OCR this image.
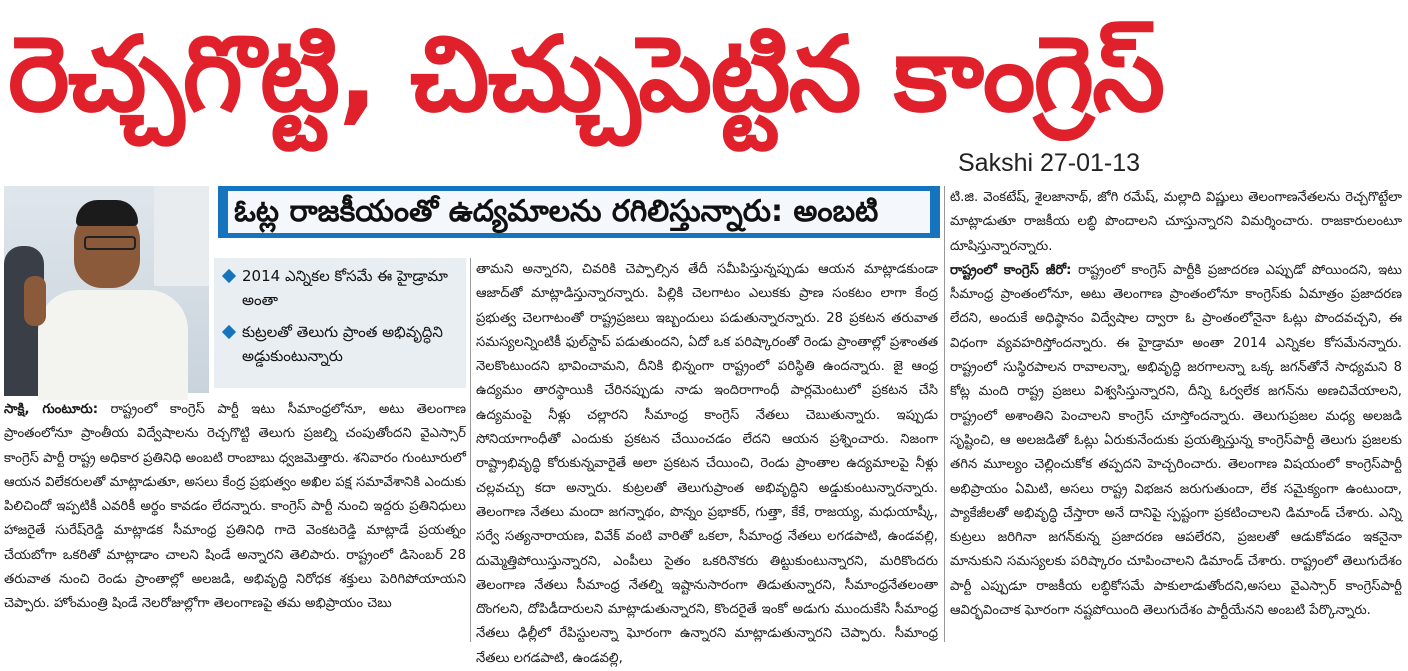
రెచ్చగొట్టి, చిచ్చుపెట్టిన కాంగ్రెస్
Sakshi 27-01-13
ఓట్ల రాజకీయంతో ఉద్యమాలను రగిలిస్తున్నారు: అంబటి
2014 ఎన్నికల కోసమే ఈ హైడ్రామా అంతా
కుట్రలతో తెలుగు ప్రాంత అభివృద్ధిని అడ్డుకుంటున్నారు

సాక్షి, గుంటూరు: రాష్ట్రంలో కాంగ్రెస్ పార్టీ ఇటు సీమాంధ్రలోనూ, అటు తెలంగాణ ప్రాంతంలోనూ ప్రాంతీయ విద్వేషాలను రెచ్చగొట్టి తెలుగు ప్రజల్ని చంపుతోందని వైఎస్సార్ కాంగ్రెస్ పార్టీ రాష్ట్ర అధికార ప్రతినిధి అంబటి రాంబాబు ధ్వజమెత్తారు. శనివారం గుంటూరులో ఆయన విలేకరులతో మాట్లాడుతూ, అసలు కేంద్ర ప్రభుత్వం అఖిల పక్ష సమావేశానికి ఎందుకు పిలిచిందో ఇప్పటికీ ఎవరికీ అర్థం కావడం లేదన్నారు. కాంగ్రెస్ పార్టీ నుంచి ఇద్దరు ప్రతినిధులు హాజరైతే సురేష్‌రెడ్డి మాట్లాడక సీమాంధ్ర ప్రతినిధి గాదె వెంకటరెడ్డి మాట్లాడే ప్రయత్నం చేయబోగా ఒకరితో మాట్లాడాం చాలని షిండే అన్నారని తెలిపారు. రాష్ట్రంలో డిసెంబర్ 28 తరువాత నుంచి రెండు ప్రాంతాల్లో అలజడి, అభివృద్ధి నిరోధక శక్తులు పెరిగిపోయాయని చెప్పారు. హోంమంత్రి షిండే నెలరోజుల్లోగా తెలంగాణపై తమ అభిప్రాయం చెబు

తామని అన్నారని, చివరికి చెప్పాల్సిన తేదీ సమీపిస్తున్నప్పుడు ఆయన మాట్లాడకుండా ఆజాద్‌తో మాట్లాడిస్తున్నారన్నారు. పిల్లికి చెలగాటం ఎలుకకు ప్రాణ సంకటం లాగా కేంద్ర ప్రభుత్వ చెలగాటంతో రాష్ట్రప్రజలు ఇబ్బందులు పడుతున్నారన్నారు. 28 ప్రకటన తరువాత సమస్యలన్నింటికీ ఫుల్‌స్టాప్ పడుతుందని, ఏదో ఒక పరిష్కారంతో రెండు ప్రాంతాల్లో ప్రశాంతత నెలకొంటుందని భావించామని, దీనికి భిన్నంగా రాష్ట్రంలో పరిస్థితి ఉందన్నారు. జై ఆంధ్ర ఉద్యమం తారస్థాయికి చేరినప్పుడు నాడు ఇందిరాగాంధీ పార్లమెంటులో ప్రకటన చేసి ఉద్యమంపై నీళ్లు చల్లారని సీమాంధ్ర కాంగ్రెస్ నేతలు చెబుతున్నారు. ఇప్పుడు సోనియాగాంధీతో ఎందుకు ప్రకటన చేయించడం లేదని ఆయన ప్రశ్నించారు. నిజంగా రాష్ట్రాభివృద్ధి కోరుకున్నవారైతే అలా ప్రకటన చేయించి, రెండు ప్రాంతాల ఉద్యమాలపై నీళ్లు చల్లవచ్చు కదా అన్నారు. కుట్రలతో తెలుగుప్రాంత అభివృద్ధిని అడ్డుకుంటున్నారన్నారు. తెలంగాణ నేతలు మందా జగన్నాథం, పొన్నం ప్రభాకర్, గుత్తా, కేకే, రాజయ్య, మధుయాష్కీ, సర్వే సత్యనారాయణ, వివేక్ వంటి వారితో ఒకలా, సీమాంధ్ర నేతలు లగడపాటి, ఉండవల్లి, దుమ్మెత్తిపోయిస్తున్నారని, ఎంపీలు సైతం ఒకరినొకరు తిట్టుకుంటున్నారని, మరికొందరు తెలంగాణ నేతలు సీమాంధ్ర నేతల్ని ఇష్టానుసారంగా తిడుతున్నారని, సీమాంధ్రనేతలంతా దొంగలని, దోపిడీదారులని మాట్లాడుతున్నారని, కొందరైతే ఇంకో అడుగు ముందుకేసి సీమాంధ్ర నేతలు ఢిల్లీలో రేపిస్టులన్నా ఘోరంగా ఉన్నారని మాట్లాడుతున్నారని చెప్పారు. సీమాంధ్ర నేతలు లగడపాటి, ఉండవల్లి,

టి.జి. వెంకటేష్, శైలజానాథ్, జోగి రమేష్, మల్లాది విష్ణులు తెలంగాణనేతలను రెచ్చగొట్టేలా మాట్లాడుతూ రాజకీయ లబ్ధి పొందాలని చూస్తున్నారని విమర్శించారు. రాజకారులంటూ దూషిస్తున్నారన్నారు.

రాష్ట్రంలో కాంగ్రెస్ జీరో: రాష్ట్రంలో కాంగ్రెస్ పార్టీకి ప్రజాదరణ ఎప్పుడో పోయిందని, ఇటు సీమాంధ్ర ప్రాంతంలోనూ, అటు తెలంగాణ ప్రాంతంలోనూ కాంగ్రెస్‌కు ఏమాత్రం ప్రజాదరణ లేదని, అందుకే అధిష్ఠానం విద్వేషాల ద్వారా ఓ ప్రాంతంలోనైనా ఓట్లు పొందవచ్చని, ఈ విధంగా వ్యవహరిస్తోందన్నారు. ఈ హైడ్రామా అంతా 2014 ఎన్నికల కోసమేనన్నారు. రాష్ట్రంలో సుస్థిరపాలన రావాలన్నా, అభివృద్ధి జరగాలన్నా ఒక్క జగన్‌తోనే సాధ్యమని 8 కోట్ల మంది రాష్ట్ర ప్రజలు విశ్వసిస్తున్నారని, దీన్ని ఓర్వలేక జగన్‌ను అణచివేయాలని, రాష్ట్రంలో అశాంతిని పెంచాలని కాంగ్రెస్ చూస్తోందన్నారు. తెలుగుప్రజల మధ్య అలజడి సృష్టించి, ఆ అలజడితో ఓట్లు ఏరుకునేందుకు ప్రయత్నిస్తున్న కాంగ్రెస్‌పార్టీ తెలుగు ప్రజలకు తగిన మూల్యం చెల్లించుకోక తప్పదని హెచ్చరించారు. తెలంగాణ విషయంలో కాంగ్రెస్‌పార్టీ అభిప్రాయం ఏమిటి, అసలు రాష్ట్ర విభజన జరుగుతుందా, లేక సమైక్యంగా ఉంటుందా, ప్యాకేజీలతో అభివృద్ధి చేస్తారా అనే దానిపై స్పష్టంగా ప్రకటించాలని డిమాండ్ చేశారు. ఎన్ని కుట్రలు జరిగినా జగన్‌కున్న ప్రజాదరణ ఆపలేరని, ప్రజలతో ఆడుకోవడం ఇకనైనా మానుకుని సమస్యలకు పరిష్కారం చూపించాలని డిమాండ్ చేశారు. రాష్ట్రంలో తెలుగుదేశం పార్టీ ఎప్పుడూ రాజకీయ లబ్ధికోసమే పాకులాడుతోందని,అసలు వైఎస్సార్ కాంగ్రెస్‌పార్టీ ఆవిర్భవించాక ఘోరంగా నష్టపోయింది తెలుగుదేశం పార్టీయేనని అంబటి పేర్కొన్నారు.
